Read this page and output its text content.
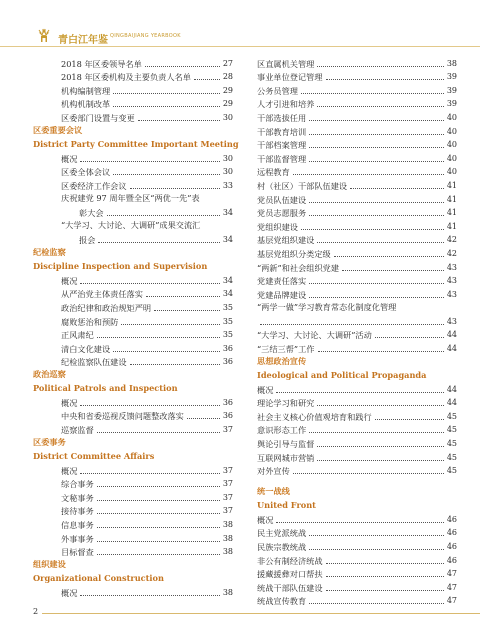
青白江年鉴 QINGBAIJIANG YEARBOOK
2018 年区委领导名单	27
2018 年区委机构及主要负责人名单	28
机构编制管理	29
机构机制改革	29
区委部门设置与变更	30
区委重要会议
District Party Committee Important Meeting
概况	30
区委全体会议	30
区委经济工作会议	33
庆祝建党 97 周年暨全区“两优一先”表
彰大会	34
“大学习、大讨论、大调研”成果交流汇
报会	34
纪检监察
Discipline Inspection and Supervision
概况	34
从严治党主体责任落实	34
政治纪律和政治规矩严明	35
腐败惩治和预防	35
正风肃纪	35
清白文化建设	36
纪检监察队伍建设	36
政治巡察
Political Patrols and Inspection
概况	36
中央和省委巡视反馈问题整改落实	36
巡察监督	37
区委事务
District Committee Affairs
概况	37
综合事务	37
文秘事务	37
接待事务	37
信息事务	38
外事事务	38
目标督查	38
组织建设
Organizational Construction
概况	38
区直属机关管理	38
事业单位登记管理	39
公务员管理	39
人才引进和培养	39
干部选拔任用	40
干部教育培训	40
干部档案管理	40
干部监督管理	40
远程教育	40
村（社区）干部队伍建设	41
党员队伍建设	41
党员志愿服务	41
党组织建设	41
基层党组织建设	42
基层党组织分类定级	42
“两新”和社会组织党建	43
党建责任落实	43
党建品牌建设	43
“两学一做”学习教育常态化制度化管理
43
“大学习、大讨论、大调研”活动	44
“三结三帮”工作	44
思想政治宣传
Ideological and Political Propaganda
概况	44
理论学习和研究	44
社会主义核心价值观培育和践行	45
意识形态工作	45
舆论引导与监督	45
互联网城市营销	45
对外宣传	45
统一战线
United Front
概况	46
民主党派统战	46
民族宗教统战	46
非公有制经济统战	46
援藏援彝对口帮扶	47
统战干部队伍建设	47
统战宣传教育	47
2
